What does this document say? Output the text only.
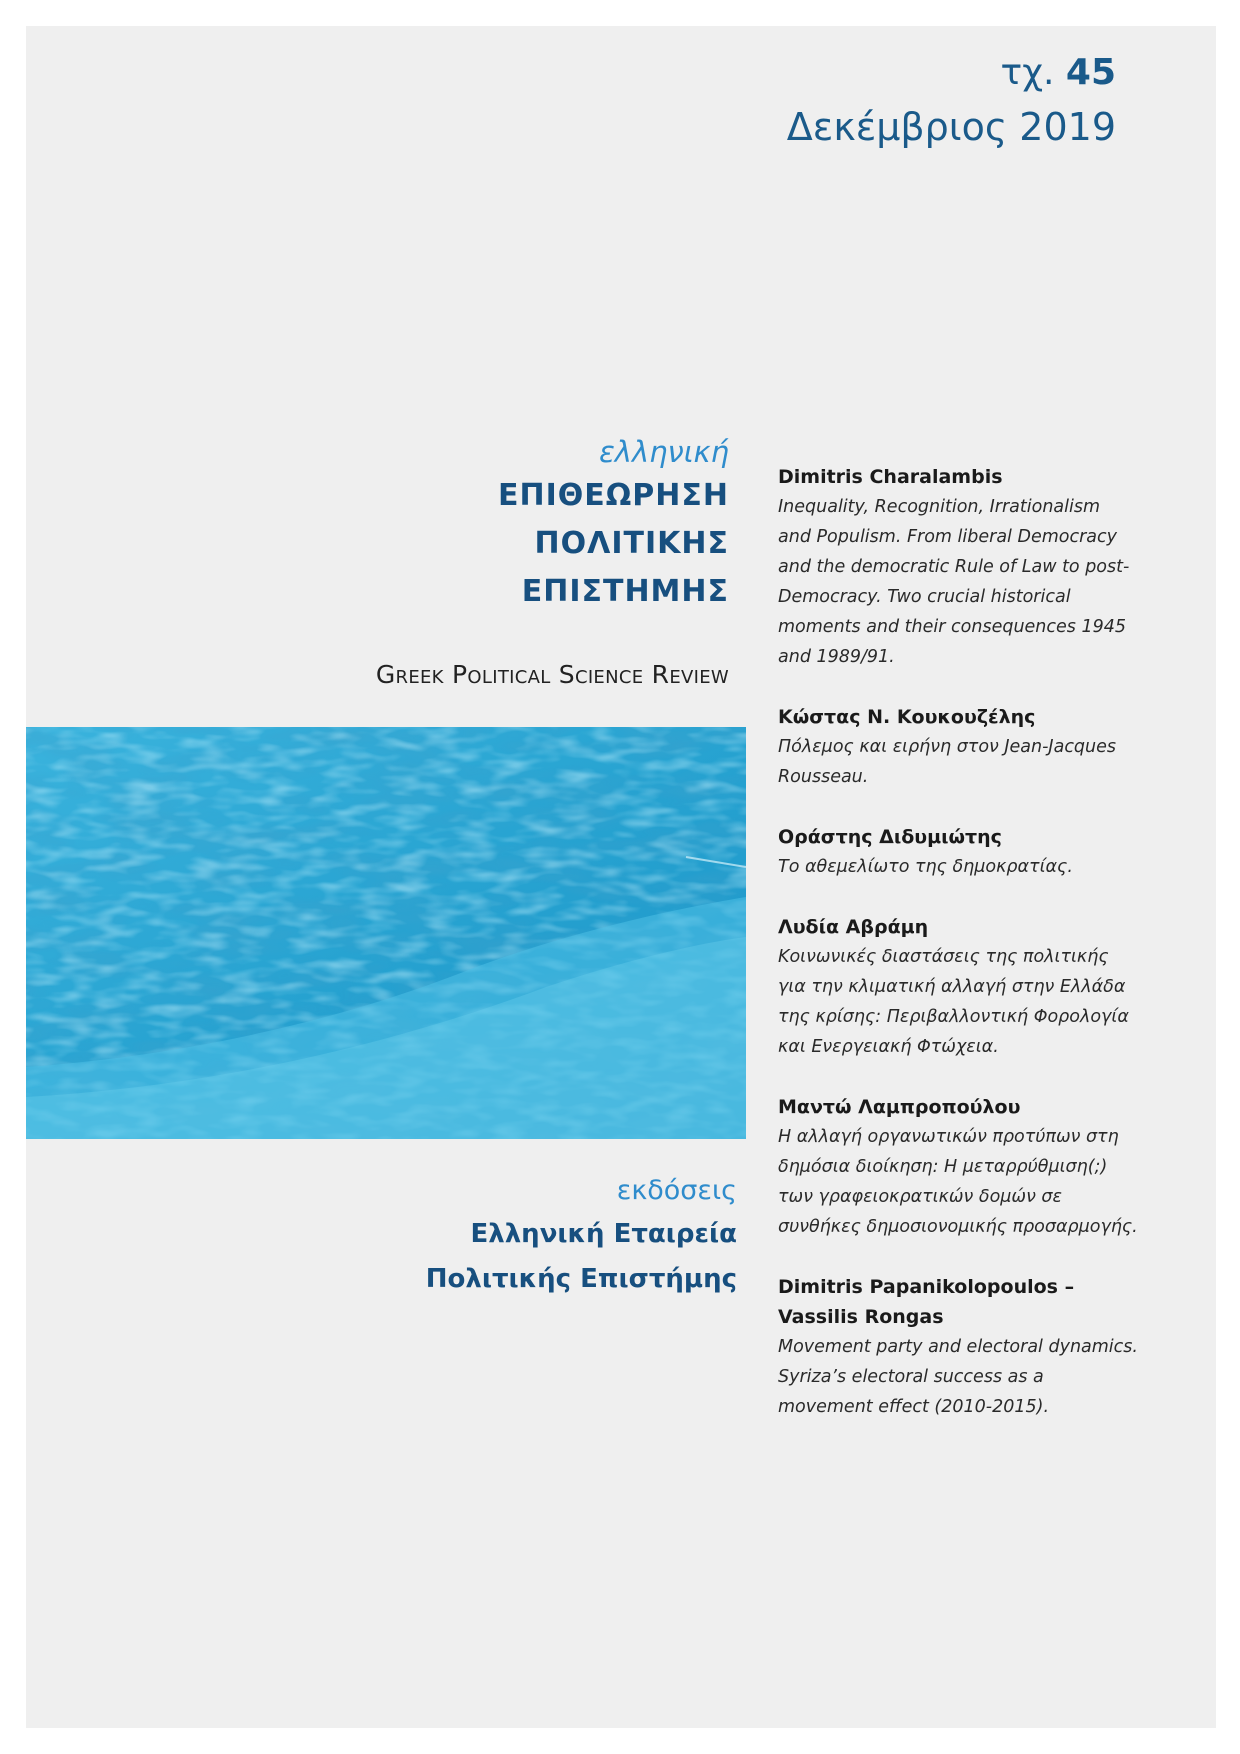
τχ. 45
Δεκέμβριος 2019
ελληνική
ΕΠΙΘΕΩΡΗΣΗ
ΠΟΛΙΤΙΚΗΣ
ΕΠΙΣΤΗΜΗΣ
Greek Political Science Review
εκδόσεις
Ελληνική Εταιρεία
Πολιτικής Επιστήμης
Dimitris Charalambis
Inequality, Recognition, Irrationalism and Populism. From liberal Democracy and the democratic Rule of Law to post-Democracy. Two crucial historical moments and their consequences 1945 and 1989/91.
Κώστας Ν. Κουκουζέλης
Πόλεμος και ειρήνη στον Jean-Jacques Rousseau.
Οράστης Διδυμιώτης
Το αθεμελίωτο της δημοκρατίας.
Λυδία Αβράμη
Κοινωνικές διαστάσεις της πολιτικής για την κλιματική αλλαγή στην Ελλάδα της κρίσης: Περιβαλλοντική Φορολογία και Ενεργειακή Φτώχεια.
Μαντώ Λαμπροπούλου
Η αλλαγή οργανωτικών προτύπων στη δημόσια διοίκηση: Η μεταρρύθμιση(;) των γραφειοκρατικών δομών σε συνθήκες δημοσιονομικής προσαρμογής.
Dimitris Papanikolopoulos – Vassilis Rongas
Movement party and electoral dynamics. Syriza’s electoral success as a movement effect (2010-2015).
